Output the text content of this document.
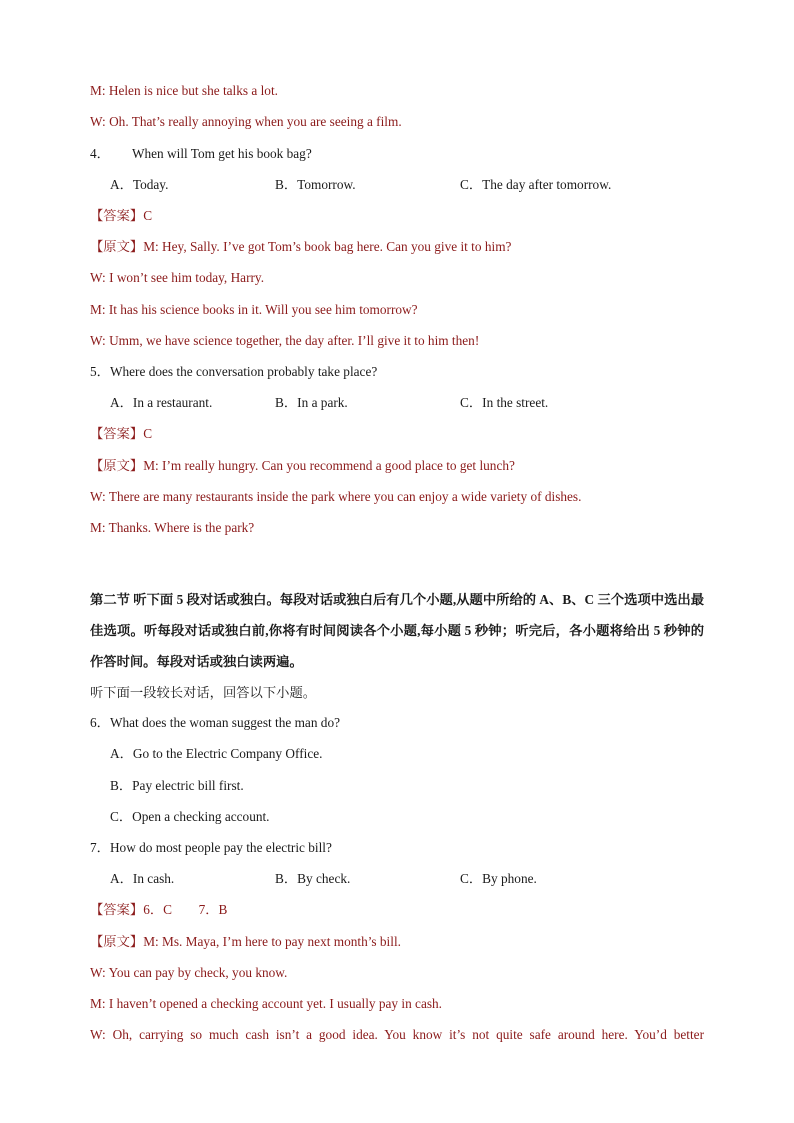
M: Helen is nice but she talks a lot.
W: Oh. That’s really annoying when you are seeing a film.
4． When will Tom get his book bag?
A．Today.	B．Tomorrow.	C．The day after tomorrow.
【答案】C
【原文】M: Hey, Sally. I’ve got Tom’s book bag here. Can you give it to him?
W: I won’t see him today, Harry.
M: It has his science books in it. Will you see him tomorrow?
W: Umm, we have science together, the day after. I’ll give it to him then!
5．Where does the conversation probably take place?
A．In a restaurant.	B．In a park.	C．In the street.
【答案】C
【原文】M: I’m really hungry. Can you recommend a good place to get lunch?
W: There are many restaurants inside the park where you can enjoy a wide variety of dishes.
M: Thanks. Where is the park?
第二节 听下面 5 段对话或独白。每段对话或独白后有几个小题,从题中所给的 A、B、C 三个选项中选出最佳选项。听每段对话或独白前,你将有时间阅读各个小题,每小题 5 秒钟；听完后，各小题将给出 5 秒钟的作答时间。每段对话或独白读两遍。
听下面一段较长对话，回答以下小题。
6．What does the woman suggest the man do?
A．Go to the Electric Company Office.
B．Pay electric bill first.
C．Open a checking account.
7．How do most people pay the electric bill?
A．In cash.	B．By check.	C．By phone.
【答案】6．C　　7．B
【原文】M: Ms. Maya, I’m here to pay next month’s bill.
W: You can pay by check, you know.
M: I haven’t opened a checking account yet. I usually pay in cash.
W: Oh, carrying so much cash isn’t a good idea. You know it’s not quite safe around here. You’d better
